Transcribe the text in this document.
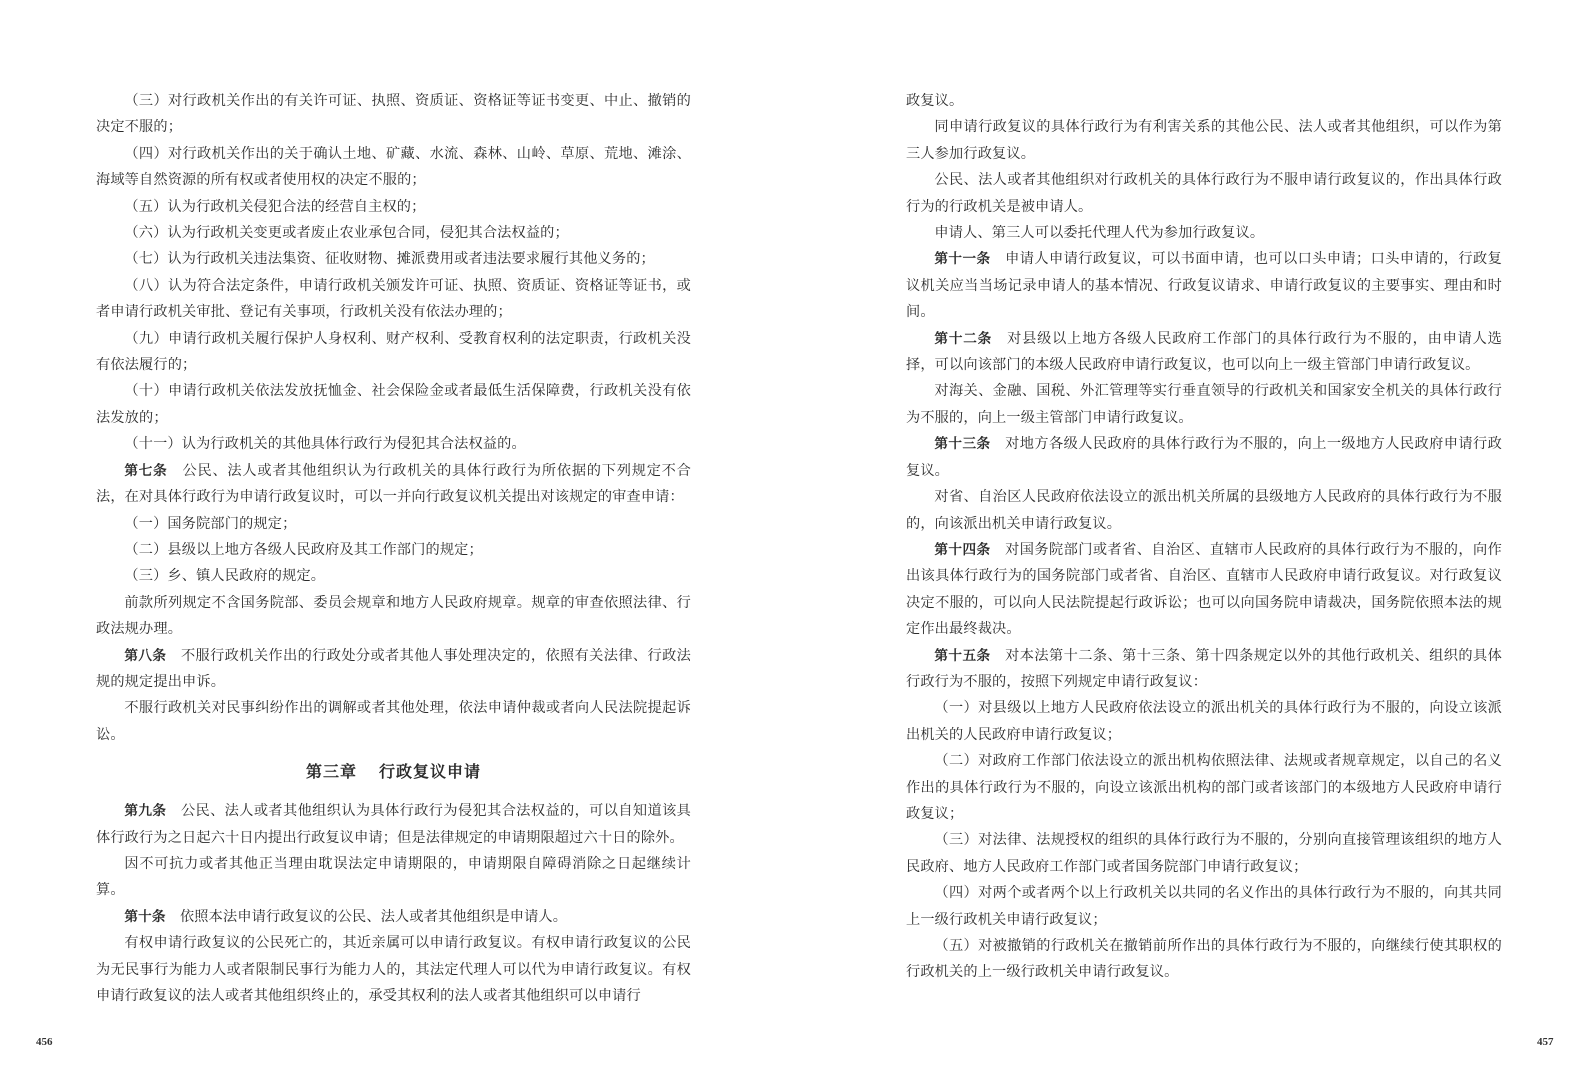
（三）对行政机关作出的有关许可证、执照、资质证、资格证等证书变更、中止、撤销的决定不服的；

（四）对行政机关作出的关于确认土地、矿藏、水流、森林、山岭、草原、荒地、滩涂、海域等自然资源的所有权或者使用权的决定不服的；

（五）认为行政机关侵犯合法的经营自主权的；

（六）认为行政机关变更或者废止农业承包合同，侵犯其合法权益的；

（七）认为行政机关违法集资、征收财物、摊派费用或者违法要求履行其他义务的；

（八）认为符合法定条件，申请行政机关颁发许可证、执照、资质证、资格证等证书，或者申请行政机关审批、登记有关事项，行政机关没有依法办理的；

（九）申请行政机关履行保护人身权利、财产权利、受教育权利的法定职责，行政机关没有依法履行的；

（十）申请行政机关依法发放抚恤金、社会保险金或者最低生活保障费，行政机关没有依法发放的；

（十一）认为行政机关的其他具体行政行为侵犯其合法权益的。

第七条　公民、法人或者其他组织认为行政机关的具体行政行为所依据的下列规定不合法，在对具体行政行为申请行政复议时，可以一并向行政复议机关提出对该规定的审查申请：

（一）国务院部门的规定；

（二）县级以上地方各级人民政府及其工作部门的规定；

（三）乡、镇人民政府的规定。

前款所列规定不含国务院部、委员会规章和地方人民政府规章。规章的审查依照法律、行政法规办理。

第八条　不服行政机关作出的行政处分或者其他人事处理决定的，依照有关法律、行政法规的规定提出申诉。

不服行政机关对民事纠纷作出的调解或者其他处理，依法申请仲裁或者向人民法院提起诉讼。

第三章 行政复议申请

第九条　公民、法人或者其他组织认为具体行政行为侵犯其合法权益的，可以自知道该具体行政行为之日起六十日内提出行政复议申请；但是法律规定的申请期限超过六十日的除外。

因不可抗力或者其他正当理由耽误法定申请期限的，申请期限自障碍消除之日起继续计算。

第十条　依照本法申请行政复议的公民、法人或者其他组织是申请人。

有权申请行政复议的公民死亡的，其近亲属可以申请行政复议。有权申请行政复议的公民为无民事行为能力人或者限制民事行为能力人的，其法定代理人可以代为申请行政复议。有权申请行政复议的法人或者其他组织终止的，承受其权利的法人或者其他组织可以申请行

政复议。

同申请行政复议的具体行政行为有利害关系的其他公民、法人或者其他组织，可以作为第三人参加行政复议。

公民、法人或者其他组织对行政机关的具体行政行为不服申请行政复议的，作出具体行政行为的行政机关是被申请人。

申请人、第三人可以委托代理人代为参加行政复议。

第十一条　申请人申请行政复议，可以书面申请，也可以口头申请；口头申请的，行政复议机关应当当场记录申请人的基本情况、行政复议请求、申请行政复议的主要事实、理由和时间。

第十二条　对县级以上地方各级人民政府工作部门的具体行政行为不服的，由申请人选择，可以向该部门的本级人民政府申请行政复议，也可以向上一级主管部门申请行政复议。

对海关、金融、国税、外汇管理等实行垂直领导的行政机关和国家安全机关的具体行政行为不服的，向上一级主管部门申请行政复议。

第十三条　对地方各级人民政府的具体行政行为不服的，向上一级地方人民政府申请行政复议。

对省、自治区人民政府依法设立的派出机关所属的县级地方人民政府的具体行政行为不服的，向该派出机关申请行政复议。

第十四条　对国务院部门或者省、自治区、直辖市人民政府的具体行政行为不服的，向作出该具体行政行为的国务院部门或者省、自治区、直辖市人民政府申请行政复议。对行政复议决定不服的，可以向人民法院提起行政诉讼；也可以向国务院申请裁决，国务院依照本法的规定作出最终裁决。

第十五条　对本法第十二条、第十三条、第十四条规定以外的其他行政机关、组织的具体行政行为不服的，按照下列规定申请行政复议：

（一）对县级以上地方人民政府依法设立的派出机关的具体行政行为不服的，向设立该派出机关的人民政府申请行政复议；

（二）对政府工作部门依法设立的派出机构依照法律、法规或者规章规定，以自己的名义作出的具体行政行为不服的，向设立该派出机构的部门或者该部门的本级地方人民政府申请行政复议；

（三）对法律、法规授权的组织的具体行政行为不服的，分别向直接管理该组织的地方人民政府、地方人民政府工作部门或者国务院部门申请行政复议；

（四）对两个或者两个以上行政机关以共同的名义作出的具体行政行为不服的，向其共同上一级行政机关申请行政复议；

（五）对被撤销的行政机关在撤销前所作出的具体行政行为不服的，向继续行使其职权的行政机关的上一级行政机关申请行政复议。

456	457
